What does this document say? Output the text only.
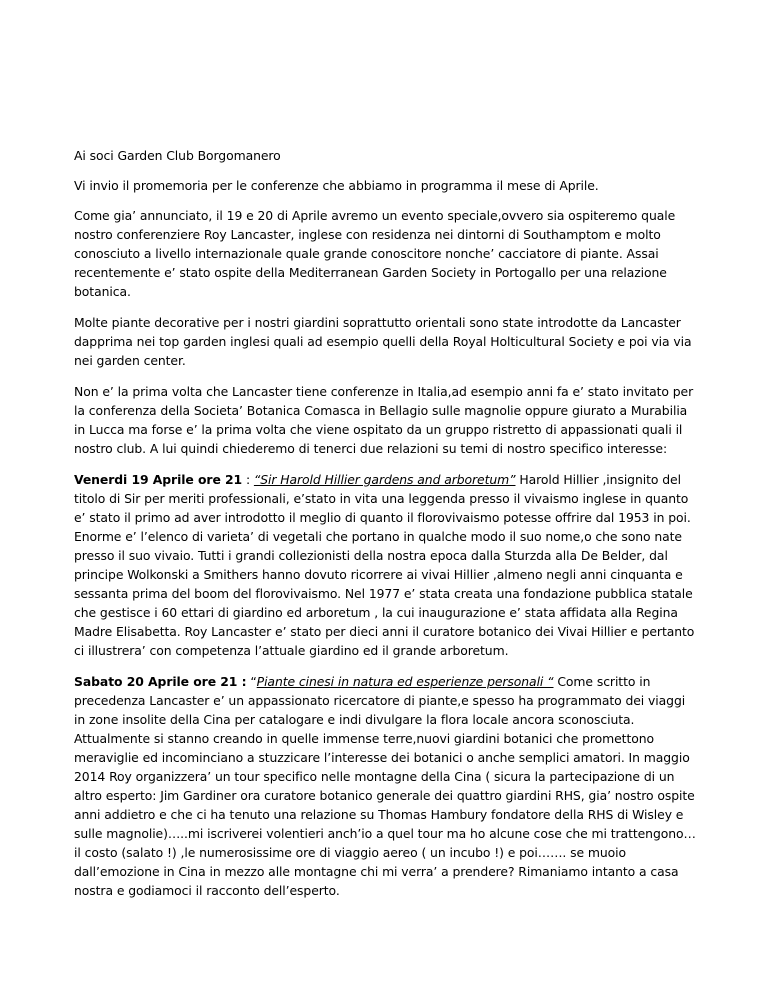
Ai soci Garden Club Borgomanero

Vi invio il promemoria per le conferenze che abbiamo in programma il mese di Aprile.

Come gia’ annunciato, il 19 e 20 di Aprile avremo un evento speciale,ovvero sia ospiteremo quale nostro conferenziere Roy Lancaster, inglese con residenza nei dintorni di Southamptom e molto conosciuto a livello internazionale quale grande conoscitore nonche’ cacciatore di piante. Assai recentemente e’ stato ospite della Mediterranean Garden Society in Portogallo per una relazione botanica.

Molte piante decorative per i nostri giardini soprattutto orientali sono state introdotte da Lancaster dapprima nei top garden inglesi quali ad esempio quelli della Royal Holticultural Society e poi via via nei garden center.

Non e’ la prima volta che Lancaster tiene conferenze in Italia,ad esempio anni fa e’ stato invitato per la conferenza della Societa’ Botanica Comasca in Bellagio sulle magnolie oppure giurato a Murabilia in Lucca ma forse e’ la prima volta che viene ospitato da un gruppo ristretto di appassionati quali il nostro club. A lui quindi chiederemo di tenerci due relazioni su temi di nostro specifico interesse:

Venerdi 19 Aprile ore 21 : “Sir Harold Hillier gardens and arboretum” Harold Hillier ,insignito del titolo di Sir per meriti professionali, e’stato in vita una leggenda presso il vivaismo inglese in quanto e’ stato il primo ad aver introdotto il meglio di quanto il florovivaismo potesse offrire dal 1953 in poi. Enorme e’ l’elenco di varieta’ di vegetali che portano in qualche modo il suo nome,o che sono nate presso il suo vivaio. Tutti i grandi collezionisti della nostra epoca dalla Sturzda alla De Belder, dal principe Wolkonski a Smithers hanno dovuto ricorrere ai vivai Hillier ,almeno negli anni cinquanta e sessanta prima del boom del florovivaismo. Nel 1977 e’ stata creata una fondazione pubblica statale che gestisce i 60 ettari di giardino ed arboretum , la cui inaugurazione e’ stata affidata alla Regina Madre Elisabetta. Roy Lancaster e’ stato per dieci anni il curatore botanico dei Vivai Hillier e pertanto ci illustrera’ con competenza l’attuale giardino ed il grande arboretum.

Sabato 20 Aprile ore 21 : “Piante cinesi in natura ed esperienze personali “ Come scritto in precedenza Lancaster e’ un appassionato ricercatore di piante,e spesso ha programmato dei viaggi in zone insolite della Cina per catalogare e indi divulgare la flora locale ancora sconosciuta. Attualmente si stanno creando in quelle immense terre,nuovi giardini botanici che promettono meraviglie ed incominciano a stuzzicare l’interesse dei botanici o anche semplici amatori. In maggio 2014 Roy organizzera’ un tour specifico nelle montagne della Cina ( sicura la partecipazione di un altro esperto: Jim Gardiner ora curatore botanico generale dei quattro giardini RHS, gia’ nostro ospite anni addietro e che ci ha tenuto una relazione su Thomas Hambury fondatore della RHS di Wisley e sulle magnolie)…..mi iscriverei volentieri anch’io a quel tour ma ho alcune cose che mi trattengono…il costo (salato !) ,le numerosissime ore di viaggio aereo ( un incubo !) e poi……. se muoio dall’emozione in Cina in mezzo alle montagne chi mi verra’ a prendere? Rimaniamo intanto a casa nostra e godiamoci il racconto dell’esperto.
